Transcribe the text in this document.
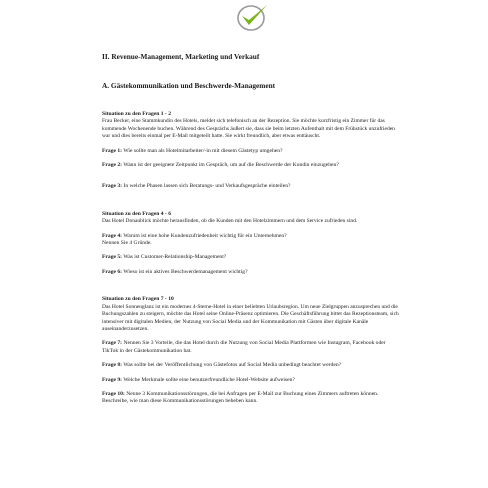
II. Revenue-Management, Marketing und Verkauf
A. Gästekommunikation und Beschwerde-Management
Situation zu den Fragen 1 - 2

Frau Becker, eine Stammkundin des Hotels, meldet sich telefonisch an der Rezeption. Sie möchte kurzfristig ein Zimmer für das kommende Wochenende buchen. Während des Gesprächs äußert sie, dass sie beim letzten Aufenthalt mit dem Frühstück unzufrieden war und dies bereits einmal per E-Mail mitgeteilt hatte. Sie wirkt freundlich, aber etwas enttäuscht.

Frage 1: Wie sollte man als Hotelmitarbeiter/-in mit diesem Gästetyp umgehen?

Frage 2: Wann ist der geeignete Zeitpunkt im Gespräch, um auf die Beschwerde der Kundin einzugehen?

Frage 3: In welche Phasen lassen sich Beratungs- und Verkaufsgespräche einteilen?

Situation zu den Fragen 4 - 6

Das Hotel Donaublick möchte herausfinden, ob die Kunden mit den Hotelzimmern und dem Service zufrieden sind.

Frage 4: Warum ist eine hohe Kundenzufriedenheit wichtig für ein Unternehmen?
Nennen Sie 4 Gründe.

Frage 5: Was ist Customer-Relationship-Management?

Frage 6: Wieso ist ein aktives Beschwerdemanagement wichtig?

Situation zu den Fragen 7 - 10

Das Hotel Sonnenglanz ist ein modernes 4-Sterne-Hotel in einer beliebten Urlaubsregion. Um neue Zielgruppen anzusprechen und die Buchungszahlen zu steigern, möchte das Hotel seine Online-Präsenz optimieren. Die Geschäftsführung bittet das Rezeptionsteam, sich intensiver mit digitalen Medien, der Nutzung von Social Media und der Kommunikation mit Gästen über digitale Kanäle auseinanderzusetzen.

Frage 7: Nennen Sie 3 Vorteile, die das Hotel durch die Nutzung von Social Media Plattformen wie Instagram, Facebook oder TikTok in der Gästekommunikation hat.

Frage 8: Was sollte bei der Veröffentlichung von Gästefotos auf Social Media unbedingt beachtet werden?

Frage 9: Welche Merkmale sollte eine benutzerfreundliche Hotel-Website aufweisen?

Frage 10: Nenne 3 Kommunikationsstörungen, die bei Anfragen per E-Mail zur Buchung eines Zimmers auftreten können. Beschreibe, wie man diese Kommunikationsstörungen beheben kann.
